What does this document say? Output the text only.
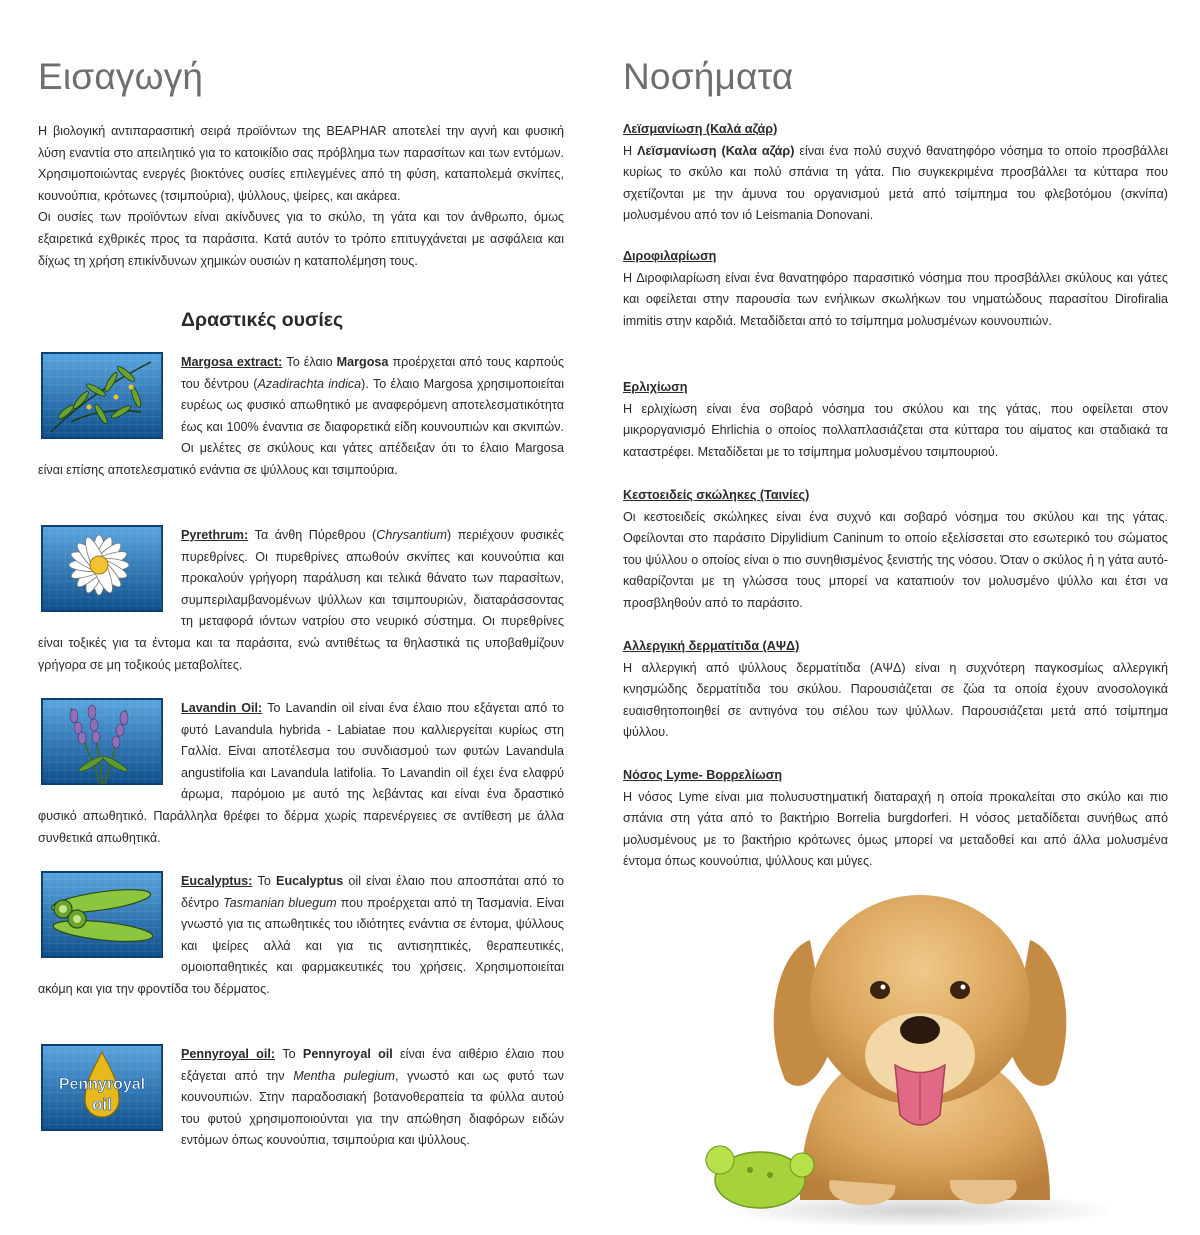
Εισαγωγή

Η βιολογική αντιπαρασιτική σειρά προϊόντων της BEAPHAR αποτελεί την αγνή και φυσική λύση εναντία στο απειλητικό για το κατοικίδιο σας πρόβλημα των παρασίτων και των εντόμων. Χρησιμοποιώντας ενεργές βιοκτόνες ουσίες επιλεγμένες από τη φύση, καταπολεμά σκνίπες, κουνούπια, κρότωνες (τσιμπούρια), ψύλλους, ψείρες, και ακάρεα.

Οι ουσίες των προϊόντων είναι ακίνδυνες για το σκύλο, τη γάτα και τον άνθρωπο, όμως εξαιρετικά εχθρικές προς τα παράσιτα. Κατά αυτόν το τρόπο επιτυγχάνεται με ασφάλεια και δίχως τη χρήση επικίνδυνων χημικών ουσιών η καταπολέμηση τους.

Δραστικές ουσίες

Margosa extract: Το έλαιο Margosa προέρχεται από τους καρπούς του δέντρου (Azadirachta indica). Το έλαιο Margosa χρησιμοποιείται ευρέως ως φυσικό απωθητικό με αναφερόμενη αποτελεσματικότητα έως και 100% έναντια σε διαφορετικά είδη κουνουπιών και σκνιπών. Οι μελέτες σε σκύλους και γάτες απέδειξαν ότι το έλαιο Margosa είναι επίσης αποτελεσματικό ενάντια σε ψύλλους και τσιμπούρια.

Pyrethrum: Τα άνθη Πύρεθρου (Chrysantium) περιέχουν φυσικές πυρεθρίνες. Οι πυρεθρίνες απωθούν σκνίπες και κουνούπια και προκαλούν γρήγορη παράλυση και τελικά θάνατο των παρασίτων, συμπεριλαμβανομένων ψύλλων και τσιμπουριών, διαταράσσοντας τη μεταφορά ιόντων νατρίου στο νευρικό σύστημα. Οι πυρεθρίνες είναι τοξικές για τα έντομα και τα παράσιτα, ενώ αντιθέτως τα θηλαστικά τις υποβαθμίζουν γρήγορα σε μη τοξικούς μεταβολίτες.

Lavandin Oil: Το Lavandin oil είναι ένα έλαιο που εξάγεται από το φυτό Lavandula hybrida - Labiatae που καλλιεργείται κυρίως στη Γαλλία. Είναι αποτέλεσμα του συνδιασμού των φυτών Lavandula angustifolia και Lavandula latifolia. Το Lavandin oil έχει ένα ελαφρύ άρωμα, παρόμοιο με αυτό της λεβάντας και είναι ένα δραστικό φυσικό απωθητικό. Παράλληλα θρέφει το δέρμα χωρίς παρενέργειες σε αντίθεση με άλλα συνθετικά απωθητικά.

Eucalyptus: Το Eucalyptus oil είναι έλαιο που αποσπάται από το δέντρο Tasmanian bluegum που προέρχεται από τη Τασμανία. Είναι γνωστό για τις απωθητικές του ιδιότητες ενάντια σε έντομα, ψύλλους και ψείρες αλλά και για τις αντισηπτικές, θεραπευτικές, ομοιοπαθητικές και φαρμακευτικές του χρήσεις. Χρησιμοποιείται ακόμη και για την φροντίδα του δέρματος.

Pennyroyal
oil

Pennyroyal oil: Το Pennyroyal oil είναι ένα αιθέριο έλαιο που εξάγεται από την Mentha pulegium, γνωστό και ως φυτό των κουνουπιών. Στην παραδοσιακή βοτανοθεραπεία τα φύλλα αυτού του φυτού χρησιμοποιούνται για την απώθηση διαφόρων ειδών εντόμων όπως κουνούπια, τσιμπούρια και ψύλλους.

Νοσήματα
Λεϊσμανίωση (Καλά αζάρ)

Η Λεϊσμανίωση (Καλα αζάρ) είναι ένα πολύ συχνό θανατηφόρο νόσημα το οποίο προσβάλλει κυρίως το σκύλο και πολύ σπάνια τη γάτα. Πιο συγκεκριμένα προσβάλλει τα κύτταρα που σχετίζονται με την άμυνα του οργανισμού μετά από τσίμπημα του φλεβοτόμου (σκνίπα) μολυσμένου από τον ιό Leismania Donovani.

Διροφιλαρίωση

Η Διροφιλαρίωση είναι ένα θανατηφόρο παρασιτικό νόσημα που προσβάλλει σκύλους και γάτες και οφείλεται στην παρουσία των ενήλικων σκωλήκων του νηματώδους παρασίτου Dirofiralia immitis στην καρδιά. Μεταδίδεται από το τσίμπημα μολυσμένων κουνουπιών.

Ερλιχίωση

Η ερλιχίωση είναι ένα σοβαρό νόσημα του σκύλου και της γάτας, που οφείλεται στον μικροργανισμό Ehrlichia ο οποίος πολλαπλασιάζεται στα κύτταρα του αίματος και σταδιακά τα καταστρέφει. Μεταδίδεται με το τσίμπημα μολυσμένου τσιμπουριού.

Κεστοειδείς σκώληκες (Ταινίες)

Οι κεστοειδείς σκώληκες είναι ένα συχνό και σοβαρό νόσημα του σκύλου και της γάτας. Οφείλονται στο παράσιτο Dipylidium Caninum το οποίο εξελίσσεται στο εσωτερικό του σώματος του ψύλλου ο οποίος είναι ο πιο συνηθισμένος ξενιστής της νόσου. Όταν ο σκύλος ή η γάτα αυτό-καθαρίζονται με τη γλώσσα τους μπορεί να καταπιούν τον μολυσμένο ψύλλο και έτσι να προσβληθούν από το παράσιτο.

Αλλεργική δερματίτιδα (ΑΨΔ)

Η αλλεργική από ψύλλους δερματίτιδα (ΑΨΔ) είναι η συχνότερη παγκοσμίως αλλεργική κνησμώδης δερματίτιδα του σκύλου. Παρουσιάζεται σε ζώα τα οποία έχουν ανοσολογικά ευαισθητοποιηθεί σε αντιγόνα του σιέλου των ψύλλων. Παρουσιάζεται μετά από τσίμπημα ψύλλου.

Νόσος Lyme- Βορρελίωση

Η νόσος Lyme είναι μια πολυσυστηματική διαταραχή η οποία προκαλείται στο σκύλο και πιο σπάνια στη γάτα από το βακτήριο Borrelia burgdorferi. Η νόσος μεταδίδεται συνήθως από μολυσμένους με το βακτήριο κρότωνες όμως μπορεί να μεταδοθεί και από άλλα μολυσμένα έντομα όπως κουνούπια, ψύλλους και μύγες.
